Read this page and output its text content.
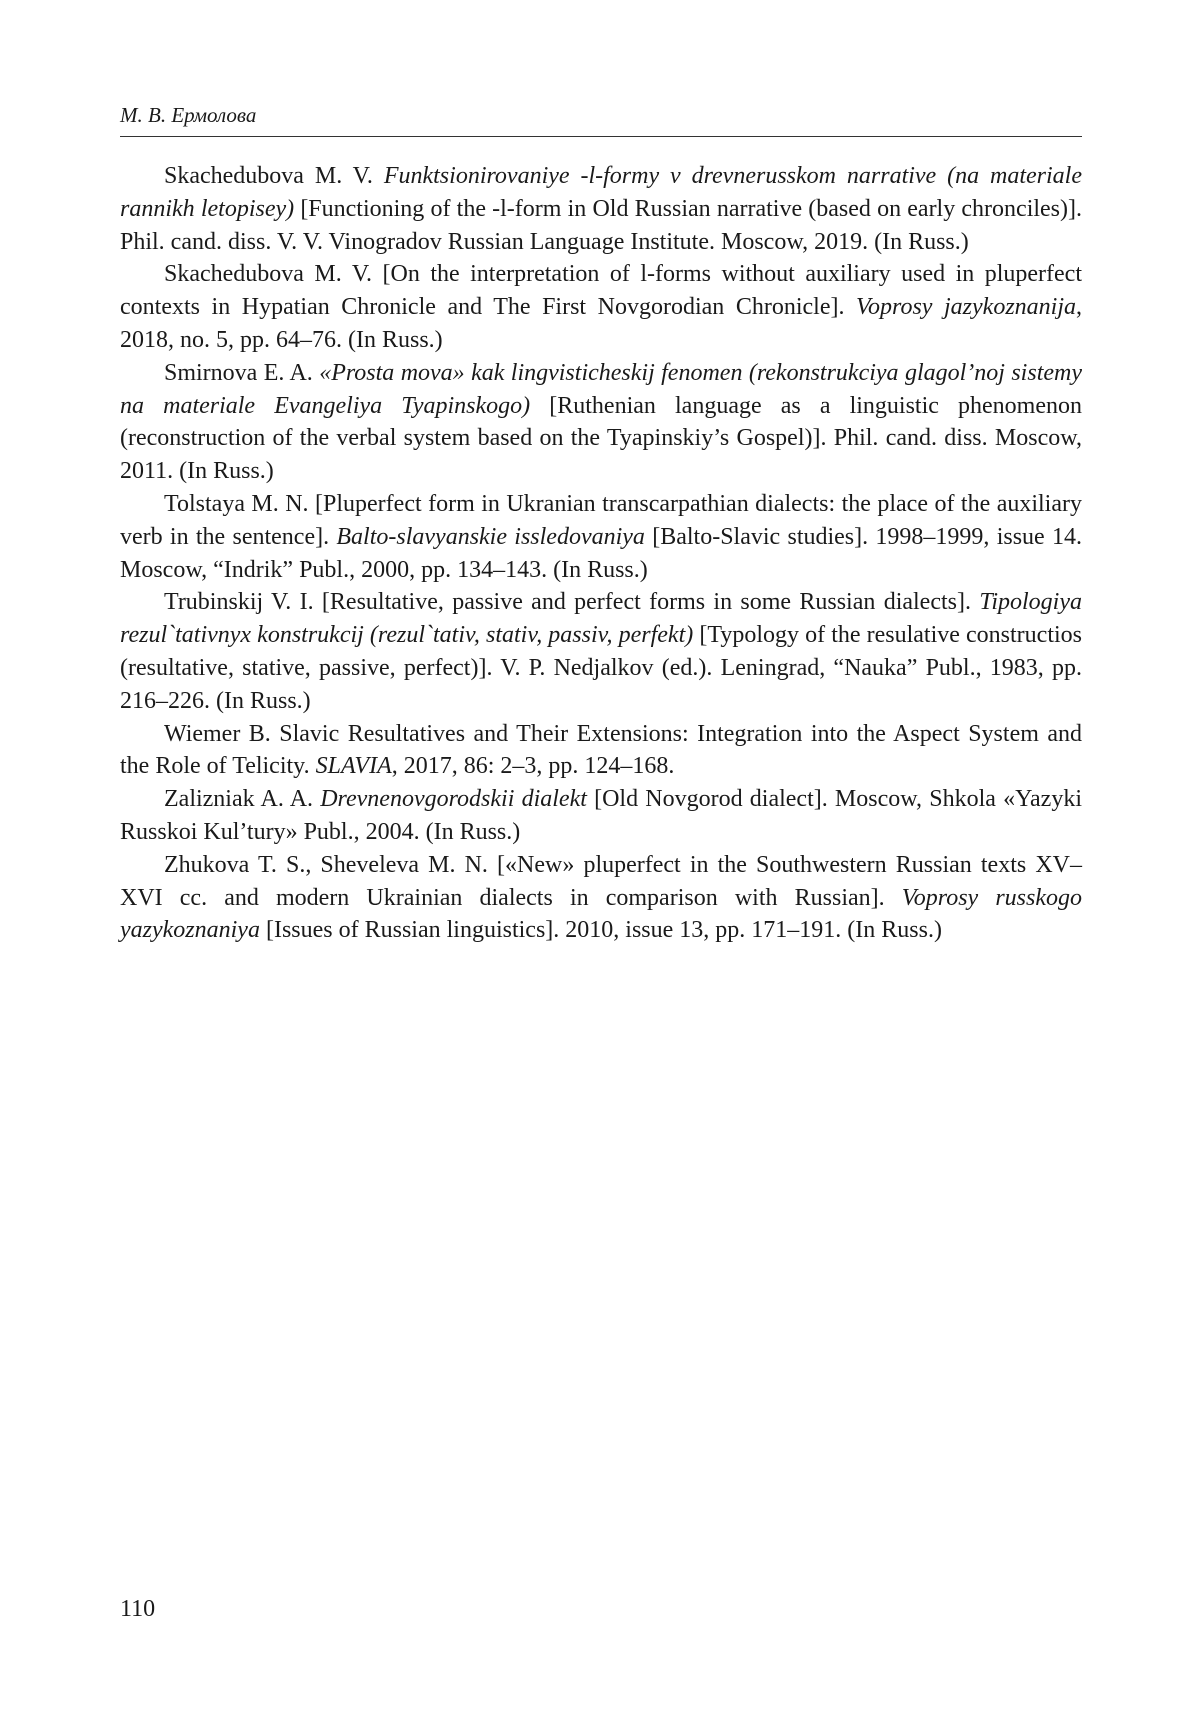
М. В. Ермолова

Skachedubova M. V. Funktsionirovaniye -l-formy v drevnerusskom narrative (na materiale rannikh letopisey) [Functioning of the -l-form in Old Russian narrative (based on early chronciles)]. Phil. cand. diss. V. V. Vinogradov Russian Language Institute. Moscow, 2019. (In Russ.)

Skachedubova M. V. [On the interpretation of l-forms without auxiliary used in pluperfect contexts in Hypatian Chronicle and The First Novgorodian Chronicle]. Voprosy jazykoznanija, 2018, no. 5, pp. 64–76. (In Russ.)

Smirnova E. A. «Prosta mova» kak lingvisticheskij fenomen (rekonstrukciya glagol’noj sistemy na materiale Evangeliya Tyapinskogo) [Ruthenian language as a linguistic phenomenon (reconstruction of the verbal system based on the Tyapinskiy’s Gospel)]. Phil. cand. diss. Moscow, 2011. (In Russ.)

Tolstaya M. N. [Pluperfect form in Ukranian transcarpathian dialects: the place of the auxiliary verb in the sentence]. Balto-slavyanskie issledovaniya [Balto-Slavic studies]. 1998–1999, issue 14. Moscow, “Indrik” Publ., 2000, pp. 134–143. (In Russ.)

Trubinskij V. I. [Resultative, passive and perfect forms in some Russian dialects]. Tipologiya rezul`tativnyx konstrukcij (rezul`tativ, stativ, passiv, perfekt) [Typology of the resulative constructios (resultative, stative, passive, perfect)]. V. P. Nedjalkov (ed.). Leningrad, “Nauka” Publ., 1983, pp. 216–226. (In Russ.)

Wiemer B. Slavic Resultatives and Their Extensions: Integration into the Aspect System and the Role of Telicity. SLAVIA, 2017, 86: 2–3, pp. 124–168.

Zalizniak A. A. Drevnenovgorodskii dialekt [Old Novgorod dialect]. Moscow, Shkola «Yazyki Russkoi Kul’tury» Publ., 2004. (In Russ.)

Zhukova T. S., Sheveleva M. N. [«New» pluperfect in the Southwestern Russian texts XV–XVI cc. and modern Ukrainian dialects in comparison with Russian]. Voprosy russkogo yazykoznaniya [Issues of Russian linguistics]. 2010, issue 13, pp. 171–191. (In Russ.)

110
